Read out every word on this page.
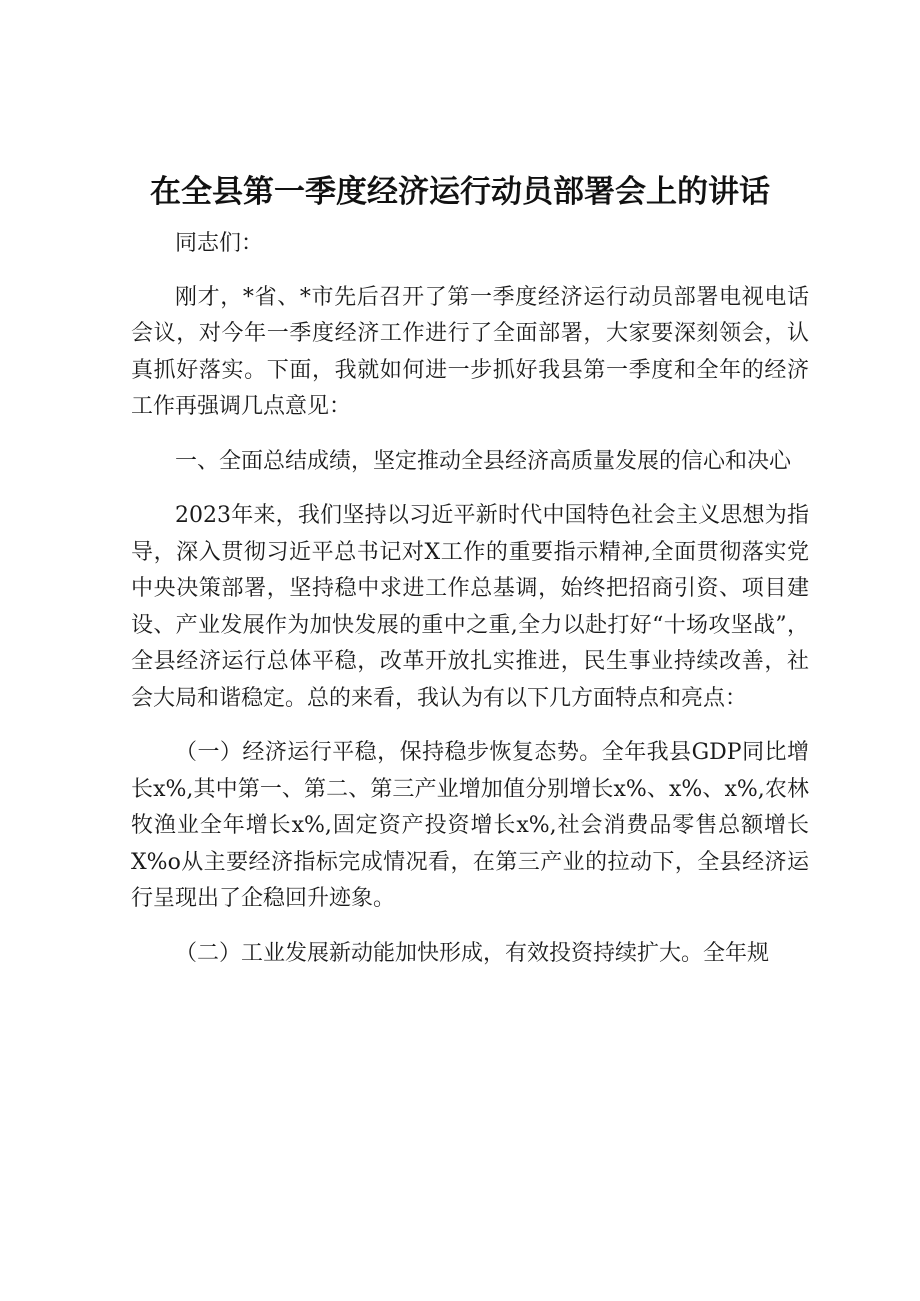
在全县第一季度经济运行动员部署会上的讲话

同志们：

刚才，*省、*市先后召开了第一季度经济运行动员部署电视电话会议，对今年一季度经济工作进行了全面部署，大家要深刻领会，认真抓好落实。下面，我就如何进一步抓好我县第一季度和全年的经济工作再强调几点意见：

一、全面总结成绩，坚定推动全县经济高质量发展的信心和决心

2023年来，我们坚持以习近平新时代中国特色社会主义思想为指导，深入贯彻习近平总书记对X工作的重要指示精神,全面贯彻落实党中央决策部署，坚持稳中求进工作总基调，始终把招商引资、项目建设、产业发展作为加快发展的重中之重,全力以赴打好“十场攻坚战”，全县经济运行总体平稳，改革开放扎实推进，民生事业持续改善，社会大局和谐稳定。总的来看，我认为有以下几方面特点和亮点：

（一）经济运行平稳，保持稳步恢复态势。全年我县GDP同比增长x%,其中第一、第二、第三产业增加值分别增长x%、x%、x%,农林牧渔业全年增长x%,固定资产投资增长x%,社会消费品零售总额增长X%o从主要经济指标完成情况看，在第三产业的拉动下，全县经济运行呈现出了企稳回升迹象。

（二）工业发展新动能加快形成，有效投资持续扩大。全年规
